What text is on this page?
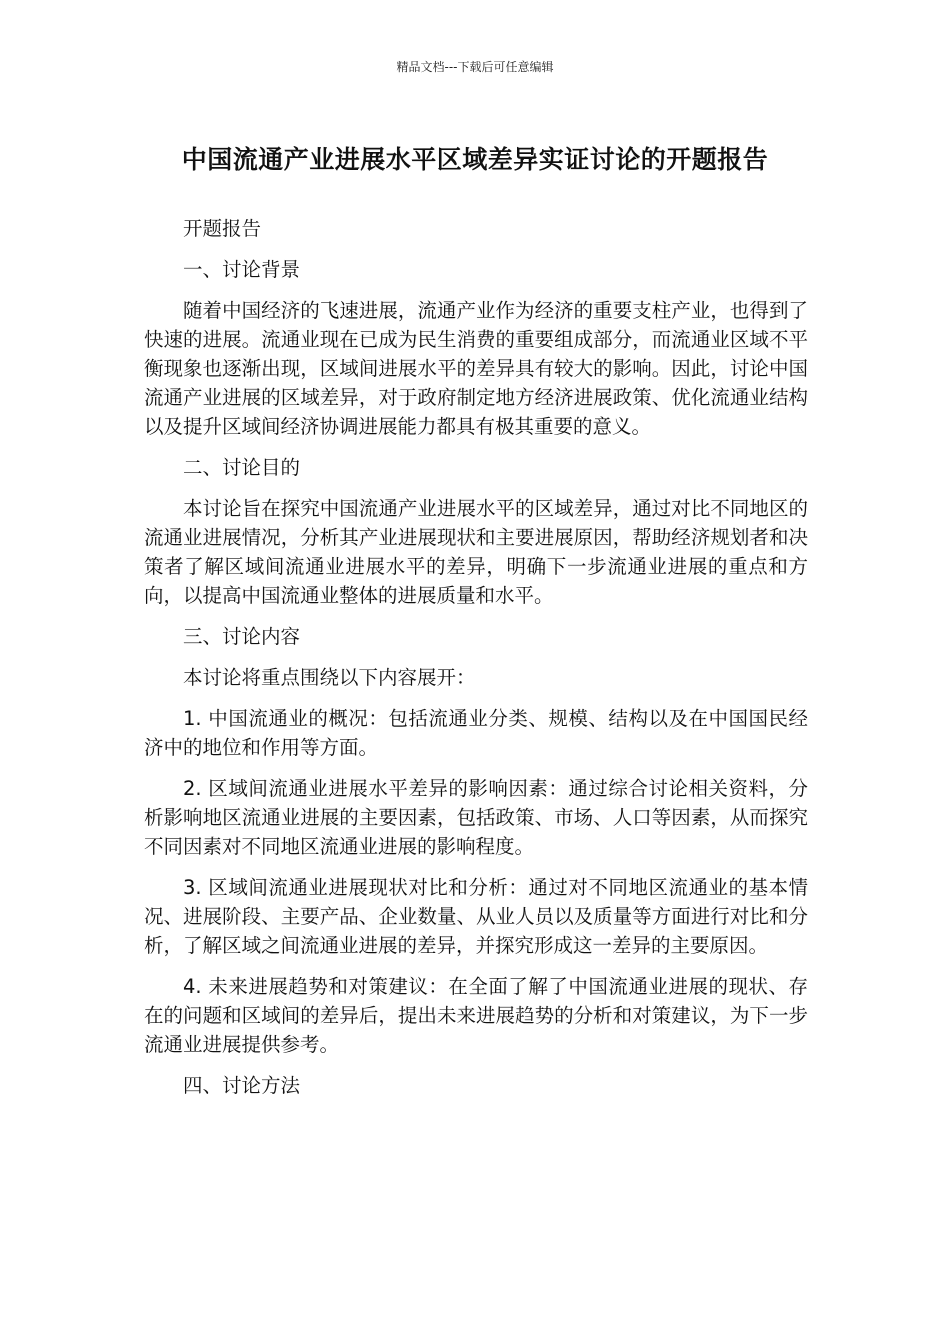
精品文档---下载后可任意编辑
中国流通产业进展水平区域差异实证讨论的开题报告

开题报告

一、讨论背景

随着中国经济的飞速进展，流通产业作为经济的重要支柱产业，也得到了快速的进展。流通业现在已成为民生消费的重要组成部分，而流通业区域不平衡现象也逐渐出现，区域间进展水平的差异具有较大的影响。因此，讨论中国流通产业进展的区域差异，对于政府制定地方经济进展政策、优化流通业结构以及提升区域间经济协调进展能力都具有极其重要的意义。

二、讨论目的

本讨论旨在探究中国流通产业进展水平的区域差异，通过对比不同地区的流通业进展情况，分析其产业进展现状和主要进展原因，帮助经济规划者和决策者了解区域间流通业进展水平的差异，明确下一步流通业进展的重点和方向，以提高中国流通业整体的进展质量和水平。

三、讨论内容

本讨论将重点围绕以下内容展开：

1. 中国流通业的概况：包括流通业分类、规模、结构以及在中国国民经济中的地位和作用等方面。

2. 区域间流通业进展水平差异的影响因素：通过综合讨论相关资料，分析影响地区流通业进展的主要因素，包括政策、市场、人口等因素，从而探究不同因素对不同地区流通业进展的影响程度。

3. 区域间流通业进展现状对比和分析：通过对不同地区流通业的基本情况、进展阶段、主要产品、企业数量、从业人员以及质量等方面进行对比和分析，了解区域之间流通业进展的差异，并探究形成这一差异的主要原因。

4. 未来进展趋势和对策建议：在全面了解了中国流通业进展的现状、存在的问题和区域间的差异后，提出未来进展趋势的分析和对策建议，为下一步流通业进展提供参考。

四、讨论方法
